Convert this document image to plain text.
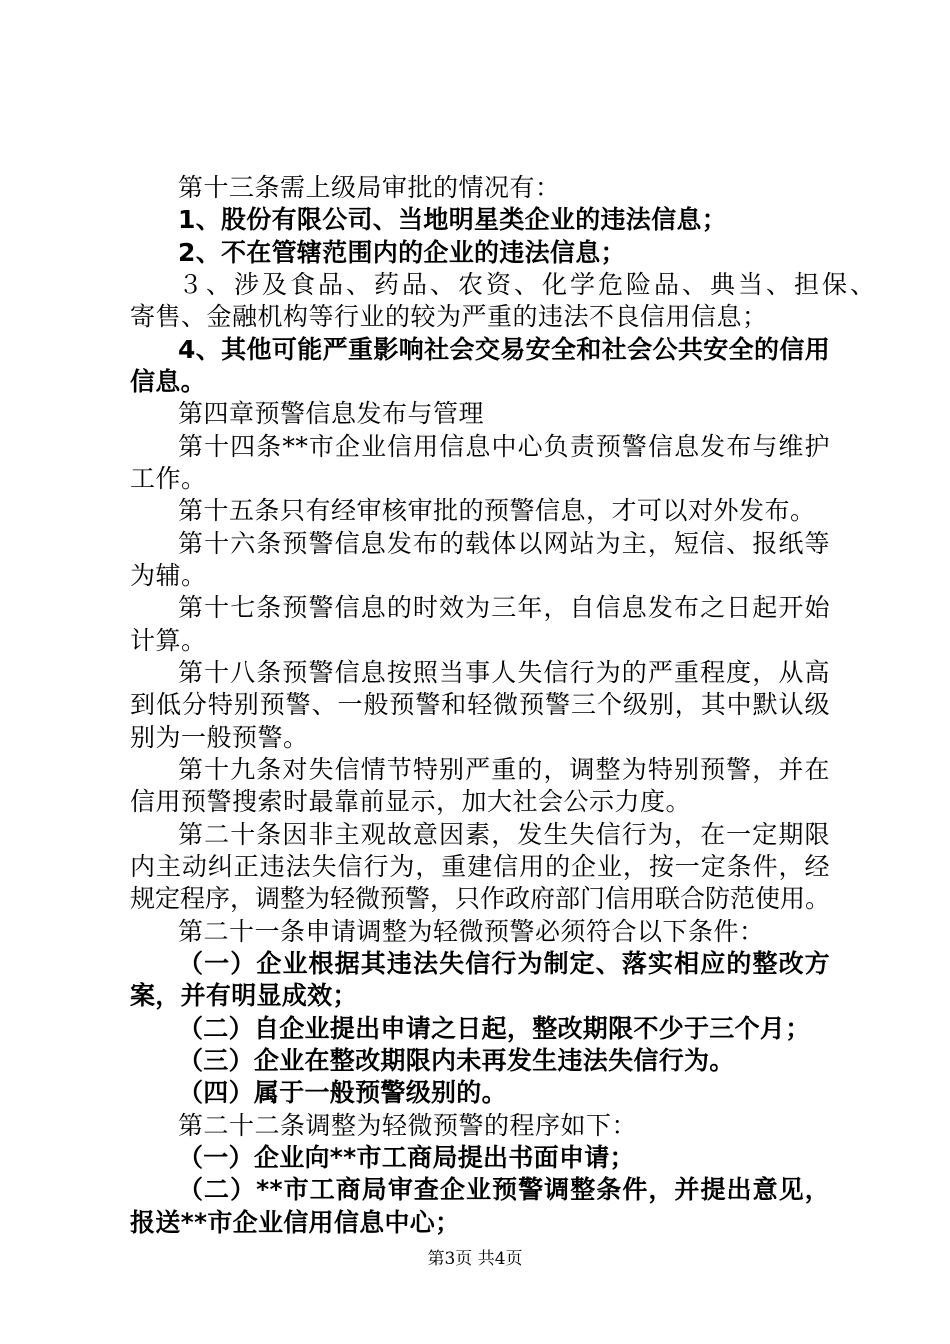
第十三条需上级局审批的情况有：
1、股份有限公司、当地明星类企业的违法信息；
2、不在管辖范围内的企业的违法信息；
３、涉及食品、药品、农资、化学危险品、典当、担保、
寄售、金融机构等行业的较为严重的违法不良信用信息；
4、其他可能严重影响社会交易安全和社会公共安全的信用
信息。
第四章预警信息发布与管理
第十四条**市企业信用信息中心负责预警信息发布与维护
工作。
第十五条只有经审核审批的预警信息，才可以对外发布。
第十六条预警信息发布的载体以网站为主，短信、报纸等
为辅。
第十七条预警信息的时效为三年，自信息发布之日起开始
计算。
第十八条预警信息按照当事人失信行为的严重程度，从高
到低分特别预警、一般预警和轻微预警三个级别，其中默认级
别为一般预警。
第十九条对失信情节特别严重的，调整为特别预警，并在
信用预警搜索时最靠前显示，加大社会公示力度。
第二十条因非主观故意因素，发生失信行为，在一定期限
内主动纠正违法失信行为，重建信用的企业，按一定条件，经
规定程序，调整为轻微预警，只作政府部门信用联合防范使用。
第二十一条申请调整为轻微预警必须符合以下条件：
（一）企业根据其违法失信行为制定、落实相应的整改方
案，并有明显成效；
（二）自企业提出申请之日起，整改期限不少于三个月；
（三）企业在整改期限内未再发生违法失信行为。
（四）属于一般预警级别的。
第二十二条调整为轻微预警的程序如下：
（一）企业向**市工商局提出书面申请；
（二）**市工商局审查企业预警调整条件，并提出意见，
报送**市企业信用信息中心；
第3页 共4页
